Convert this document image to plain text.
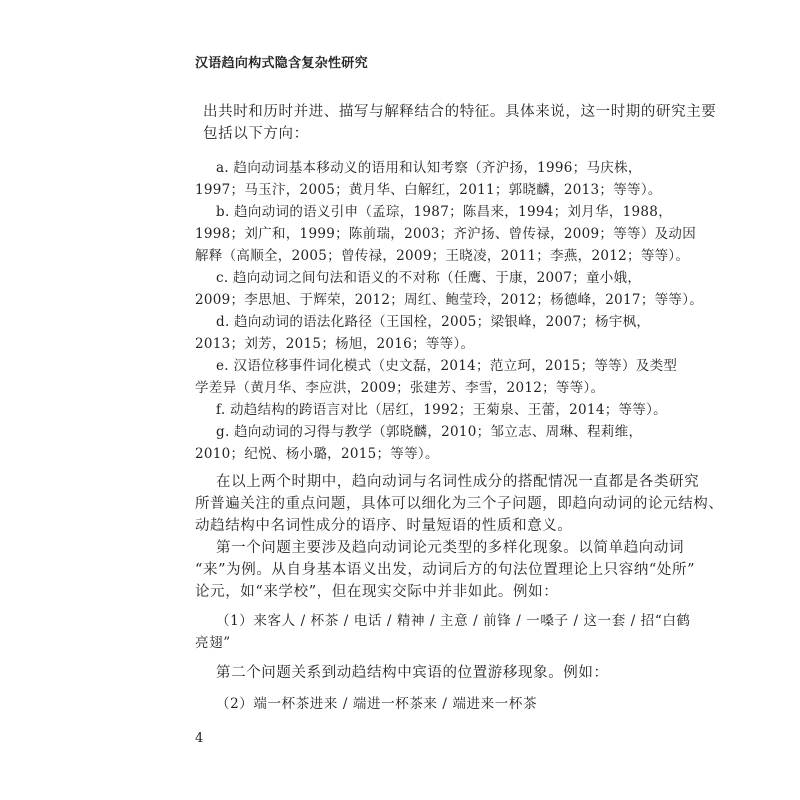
汉语趋向构式隐含复杂性研究
出共时和历时并进、描写与解释结合的特征。具体来说，这一时期的研究主要
包括以下方向：
a. 趋向动词基本移动义的语用和认知考察（齐沪扬，1996；马庆株，
1997；马玉汴，2005；黄月华、白解红，2011；郭晓麟，2013；等等）。
b. 趋向动词的语义引申（孟琮，1987；陈昌来，1994；刘月华，1988，
1998；刘广和，1999；陈前瑞，2003；齐沪扬、曾传禄，2009；等等）及动因
解释（高顺全，2005；曾传禄，2009；王晓凌，2011；李燕，2012；等等）。
c. 趋向动词之间句法和语义的不对称（任鹰、于康，2007；童小娥，
2009；李思旭、于辉荣，2012；周红、鲍莹玲，2012；杨德峰，2017；等等）。
d. 趋向动词的语法化路径（王国栓，2005；梁银峰，2007；杨宇枫，
2013；刘芳，2015；杨旭，2016；等等）。
e. 汉语位移事件词化模式（史文磊，2014；范立珂，2015；等等）及类型
学差异（黄月华、李应洪，2009；张建芳、李雪，2012；等等）。
f. 动趋结构的跨语言对比（居红，1992；王菊泉、王蕾，2014；等等）。
g. 趋向动词的习得与教学（郭晓麟，2010；邹立志、周琳、程莉维，
2010；纪悦、杨小璐，2015；等等）。
在以上两个时期中，趋向动词与名词性成分的搭配情况一直都是各类研究
所普遍关注的重点问题，具体可以细化为三个子问题，即趋向动词的论元结构、
动趋结构中名词性成分的语序、时量短语的性质和意义。
第一个问题主要涉及趋向动词论元类型的多样化现象。以简单趋向动词
“来”为例。从自身基本语义出发，动词后方的句法位置理论上只容纳“处所”
论元，如“来学校”，但在现实交际中并非如此。例如：
（1）来客人 / 杯茶 / 电话 / 精神 / 主意 / 前锋 / 一嗓子 / 这一套 / 招“白鹤
亮翅”
第二个问题关系到动趋结构中宾语的位置游移现象。例如：
（2）端一杯茶进来 / 端进一杯茶来 / 端进来一杯茶
4
